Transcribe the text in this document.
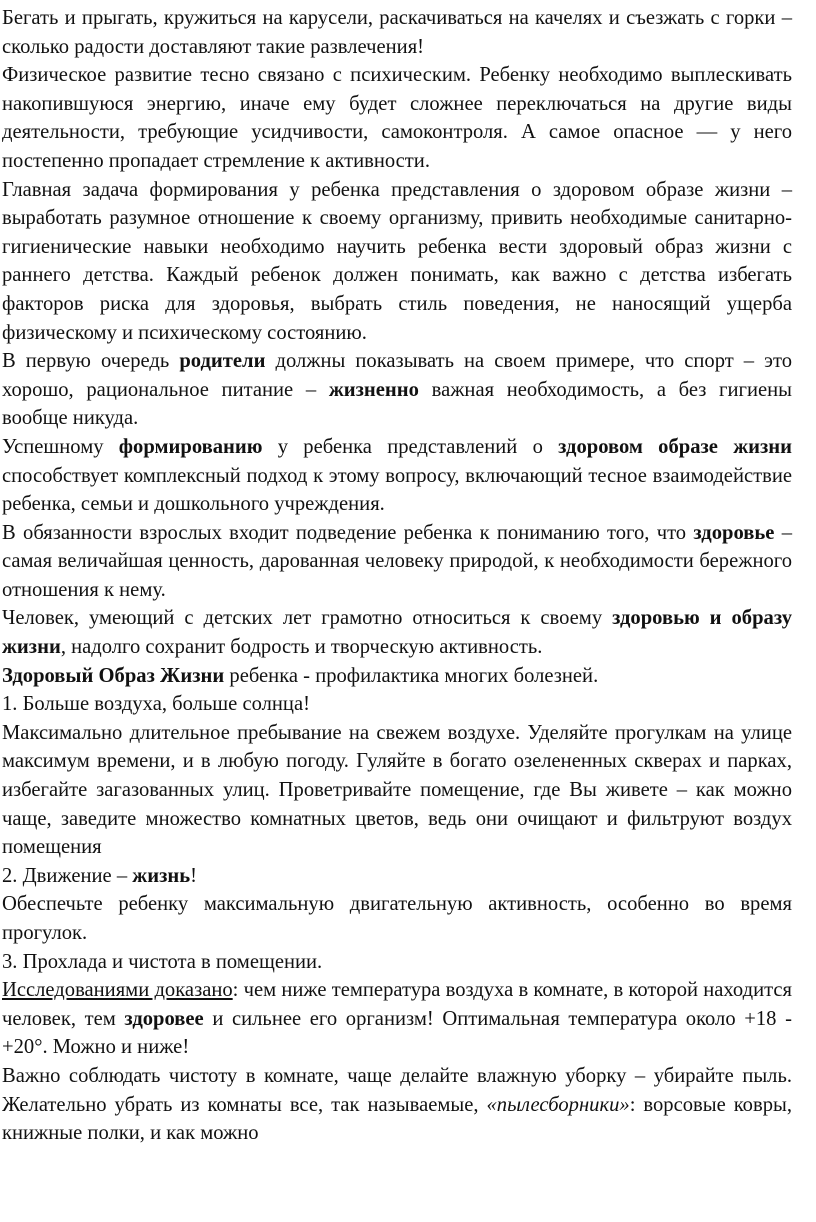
Бегать и прыгать, кружиться на карусели, раскачиваться на качелях и съезжать с горки – сколько радости доставляют такие развлечения!

Физическое развитие тесно связано с психическим. Ребенку необходимо выплескивать накопившуюся энергию, иначе ему будет сложнее переключаться на другие виды деятельности, требующие усидчивости, самоконтроля. А самое опасное — у него постепенно пропадает стремление к активности.

Главная задача формирования у ребенка представления о здоровом образе жизни –выработать разумное отношение к своему организму, привить необходимые санитарно-гигиенические навыки необходимо научить ребенка вести здоровый образ жизни с раннего детства. Каждый ребенок должен понимать, как важно с детства избегать факторов риска для здоровья, выбрать стиль поведения, не наносящий ущерба физическому и психическому состоянию.

В первую очередь родители должны показывать на своем примере, что спорт – это хорошо, рациональное питание – жизненно важная необходимость, а без гигиены вообще никуда.

Успешному формированию у ребенка представлений о здоровом образе жизни способствует комплексный подход к этому вопросу, включающий тесное взаимодействие ребенка, семьи и дошкольного учреждения.

В обязанности взрослых входит подведение ребенка к пониманию того, что здоровье – самая величайшая ценность, дарованная человеку природой, к необходимости бережного отношения к нему.

Человек, умеющий с детских лет грамотно относиться к своему здоровью и образу жизни, надолго сохранит бодрость и творческую активность.

Здоровый Образ Жизни ребенка - профилактика многих болезней.

1. Больше воздуха, больше солнца!

Максимально длительное пребывание на свежем воздухе. Уделяйте прогулкам на улице максимум времени, и в любую погоду. Гуляйте в богато озелененных скверах и парках, избегайте загазованных улиц. Проветривайте помещение, где Вы живете – как можно чаще, заведите множество комнатных цветов, ведь они очищают и фильтруют воздух помещения

2. Движение – жизнь!

Обеспечьте ребенку максимальную двигательную активность, особенно во время прогулок.

3. Прохлада и чистота в помещении.

Исследованиями доказано: чем ниже температура воздуха в комнате, в которой находится человек, тем здоровее и сильнее его организм! Оптимальная температура около +18 - +20°. Можно и ниже!

Важно соблюдать чистоту в комнате, чаще делайте влажную уборку – убирайте пыль. Желательно убрать из комнаты все, так называемые, «пылесборники»: ворсовые ковры, книжные полки, и как можно
